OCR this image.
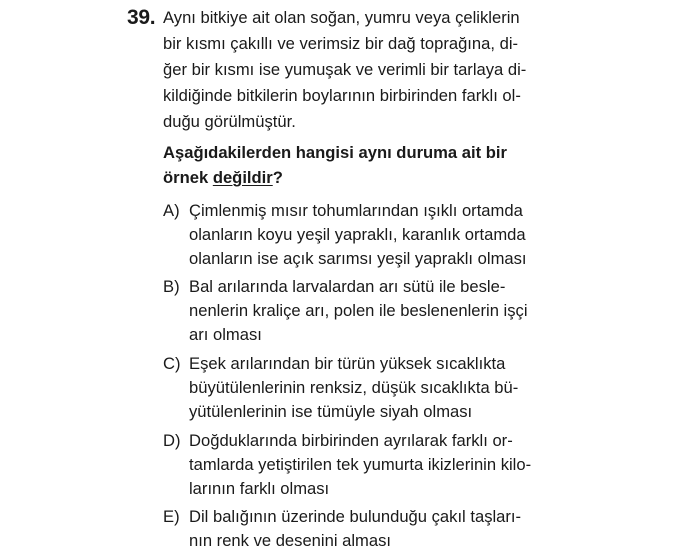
39. Aynı bitkiye ait olan soğan, yumru veya çeliklerin
bir kısmı çakıllı ve verimsiz bir dağ toprağına, di-
ğer bir kısmı ise yumuşak ve verimli bir tarlaya di-
kildiğinde bitkilerin boylarının birbirinden farklı ol-
duğu görülmüştür.
Aşağıdakilerden hangisi aynı duruma ait bir
örnek değildir?
A) Çimlenmiş mısır tohumlarından ışıklı ortamda
olanların koyu yeşil yapraklı, karanlık ortamda
olanların ise açık sarımsı yeşil yapraklı olması
B) Bal arılarında larvalardan arı sütü ile besle-
nenlerin kraliçe arı, polen ile beslenenlerin işçi
arı olması
C) Eşek arılarından bir türün yüksek sıcaklıkta
büyütülenlerinin renksiz, düşük sıcaklıkta bü-
yütülenlerinin ise tümüyle siyah olması
D) Doğduklarında birbirinden ayrılarak farklı or-
tamlarda yetiştirilen tek yumurta ikizlerinin kilo-
larının farklı olması
E) Dil balığının üzerinde bulunduğu çakıl taşları-
nın renk ve desenini alması
